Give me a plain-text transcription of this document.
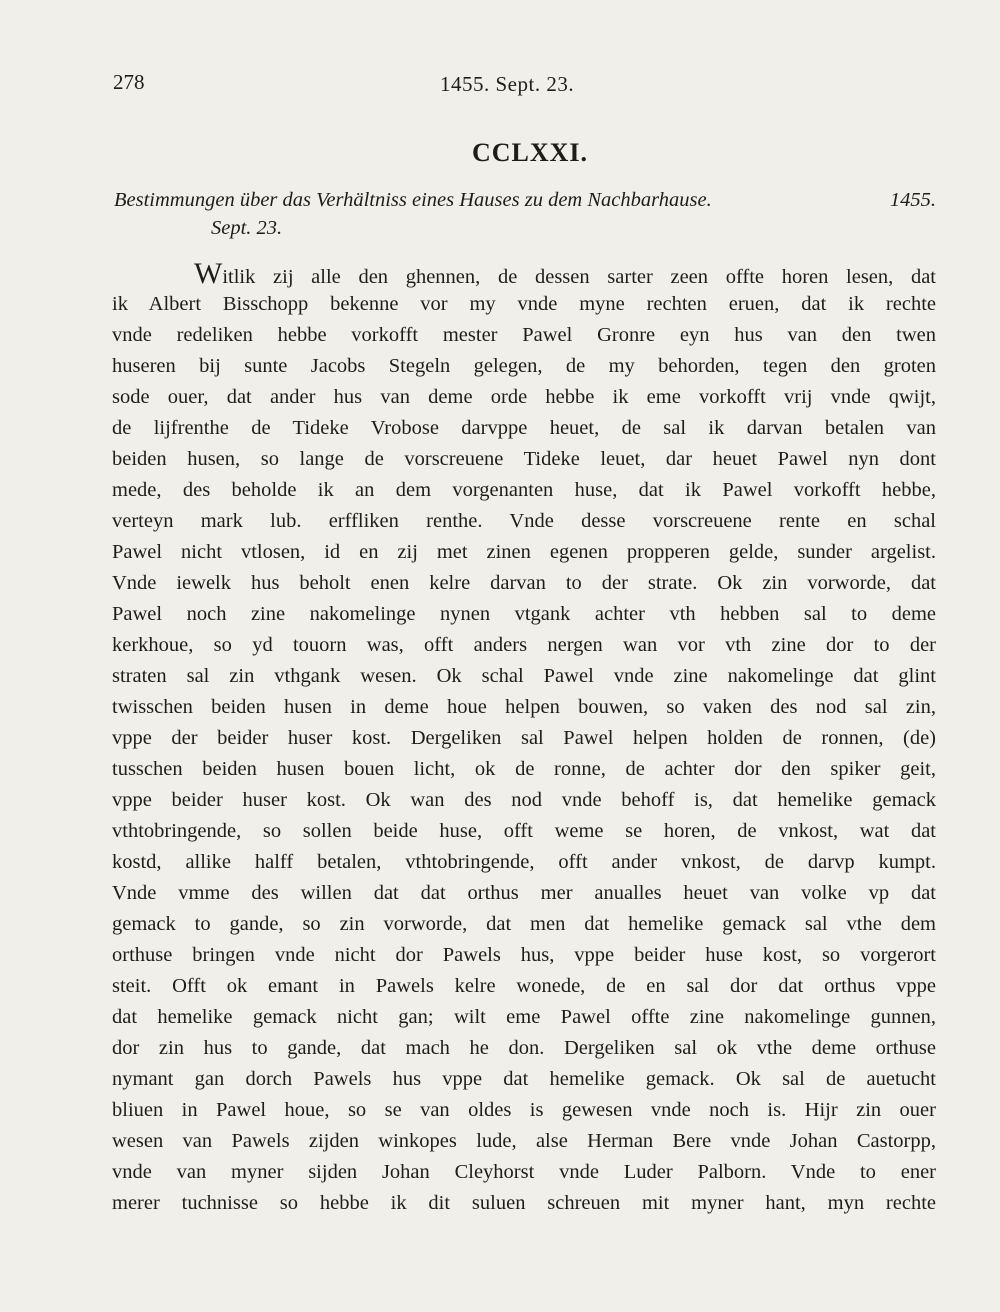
278	1455. Sept. 23.
CCLXXI.
Bestimmungen über das Verhältniss eines Hauses zu dem Nachbarhause.	1455.
Sept. 23.
Witlik zij alle den ghennen, de dessen sarter zeen offte horen lesen, dat
ik Albert Bisschopp bekenne vor my vnde myne rechten eruen, dat ik rechte
vnde redeliken hebbe vorkofft mester Pawel Gronre eyn hus van den twen
huseren bij sunte Jacobs Stegeln gelegen, de my behorden, tegen den groten
sode ouer, dat ander hus van deme orde hebbe ik eme vorkofft vrij vnde qwijt,
de lijfrenthe de Tideke Vrobose darvppe heuet, de sal ik darvan betalen van
beiden husen, so lange de vorscreuene Tideke leuet, dar heuet Pawel nyn dont
mede, des beholde ik an dem vorgenanten huse, dat ik Pawel vorkofft hebbe,
verteyn mark lub. erffliken renthe. Vnde desse vorscreuene rente en schal
Pawel nicht vtlosen, id en zij met zinen egenen propperen gelde, sunder argelist.
Vnde iewelk hus beholt enen kelre darvan to der strate. Ok zin vorworde, dat
Pawel noch zine nakomelinge nynen vtgank achter vth hebben sal to deme
kerkhoue, so yd touorn was, offt anders nergen wan vor vth zine dor to der
straten sal zin vthgank wesen. Ok schal Pawel vnde zine nakomelinge dat glint
twisschen beiden husen in deme houe helpen bouwen, so vaken des nod sal zin,
vppe der beider huser kost. Dergeliken sal Pawel helpen holden de ronnen, (de)
tusschen beiden husen bouen licht, ok de ronne, de achter dor den spiker geit,
vppe beider huser kost. Ok wan des nod vnde behoff is, dat hemelike gemack
vthtobringende, so sollen beide huse, offt weme se horen, de vnkost, wat dat
kostd, allike halff betalen, vthtobringende, offt ander vnkost, de darvp kumpt.
Vnde vmme des willen dat dat orthus mer anualles heuet van volke vp dat
gemack to gande, so zin vorworde, dat men dat hemelike gemack sal vthe dem
orthuse bringen vnde nicht dor Pawels hus, vppe beider huse kost, so vorgerort
steit. Offt ok emant in Pawels kelre wonede, de en sal dor dat orthus vppe
dat hemelike gemack nicht gan; wilt eme Pawel offte zine nakomelinge gunnen,
dor zin hus to gande, dat mach he don. Dergeliken sal ok vthe deme orthuse
nymant gan dorch Pawels hus vppe dat hemelike gemack. Ok sal de auetucht
bliuen in Pawel houe, so se van oldes is gewesen vnde noch is. Hijr zin ouer
wesen van Pawels zijden winkopes lude, alse Herman Bere vnde Johan Castorpp,
vnde van myner sijden Johan Cleyhorst vnde Luder Palborn. Vnde to ener
merer tuchnisse so hebbe ik dit suluen schreuen mit myner hant, myn rechte
